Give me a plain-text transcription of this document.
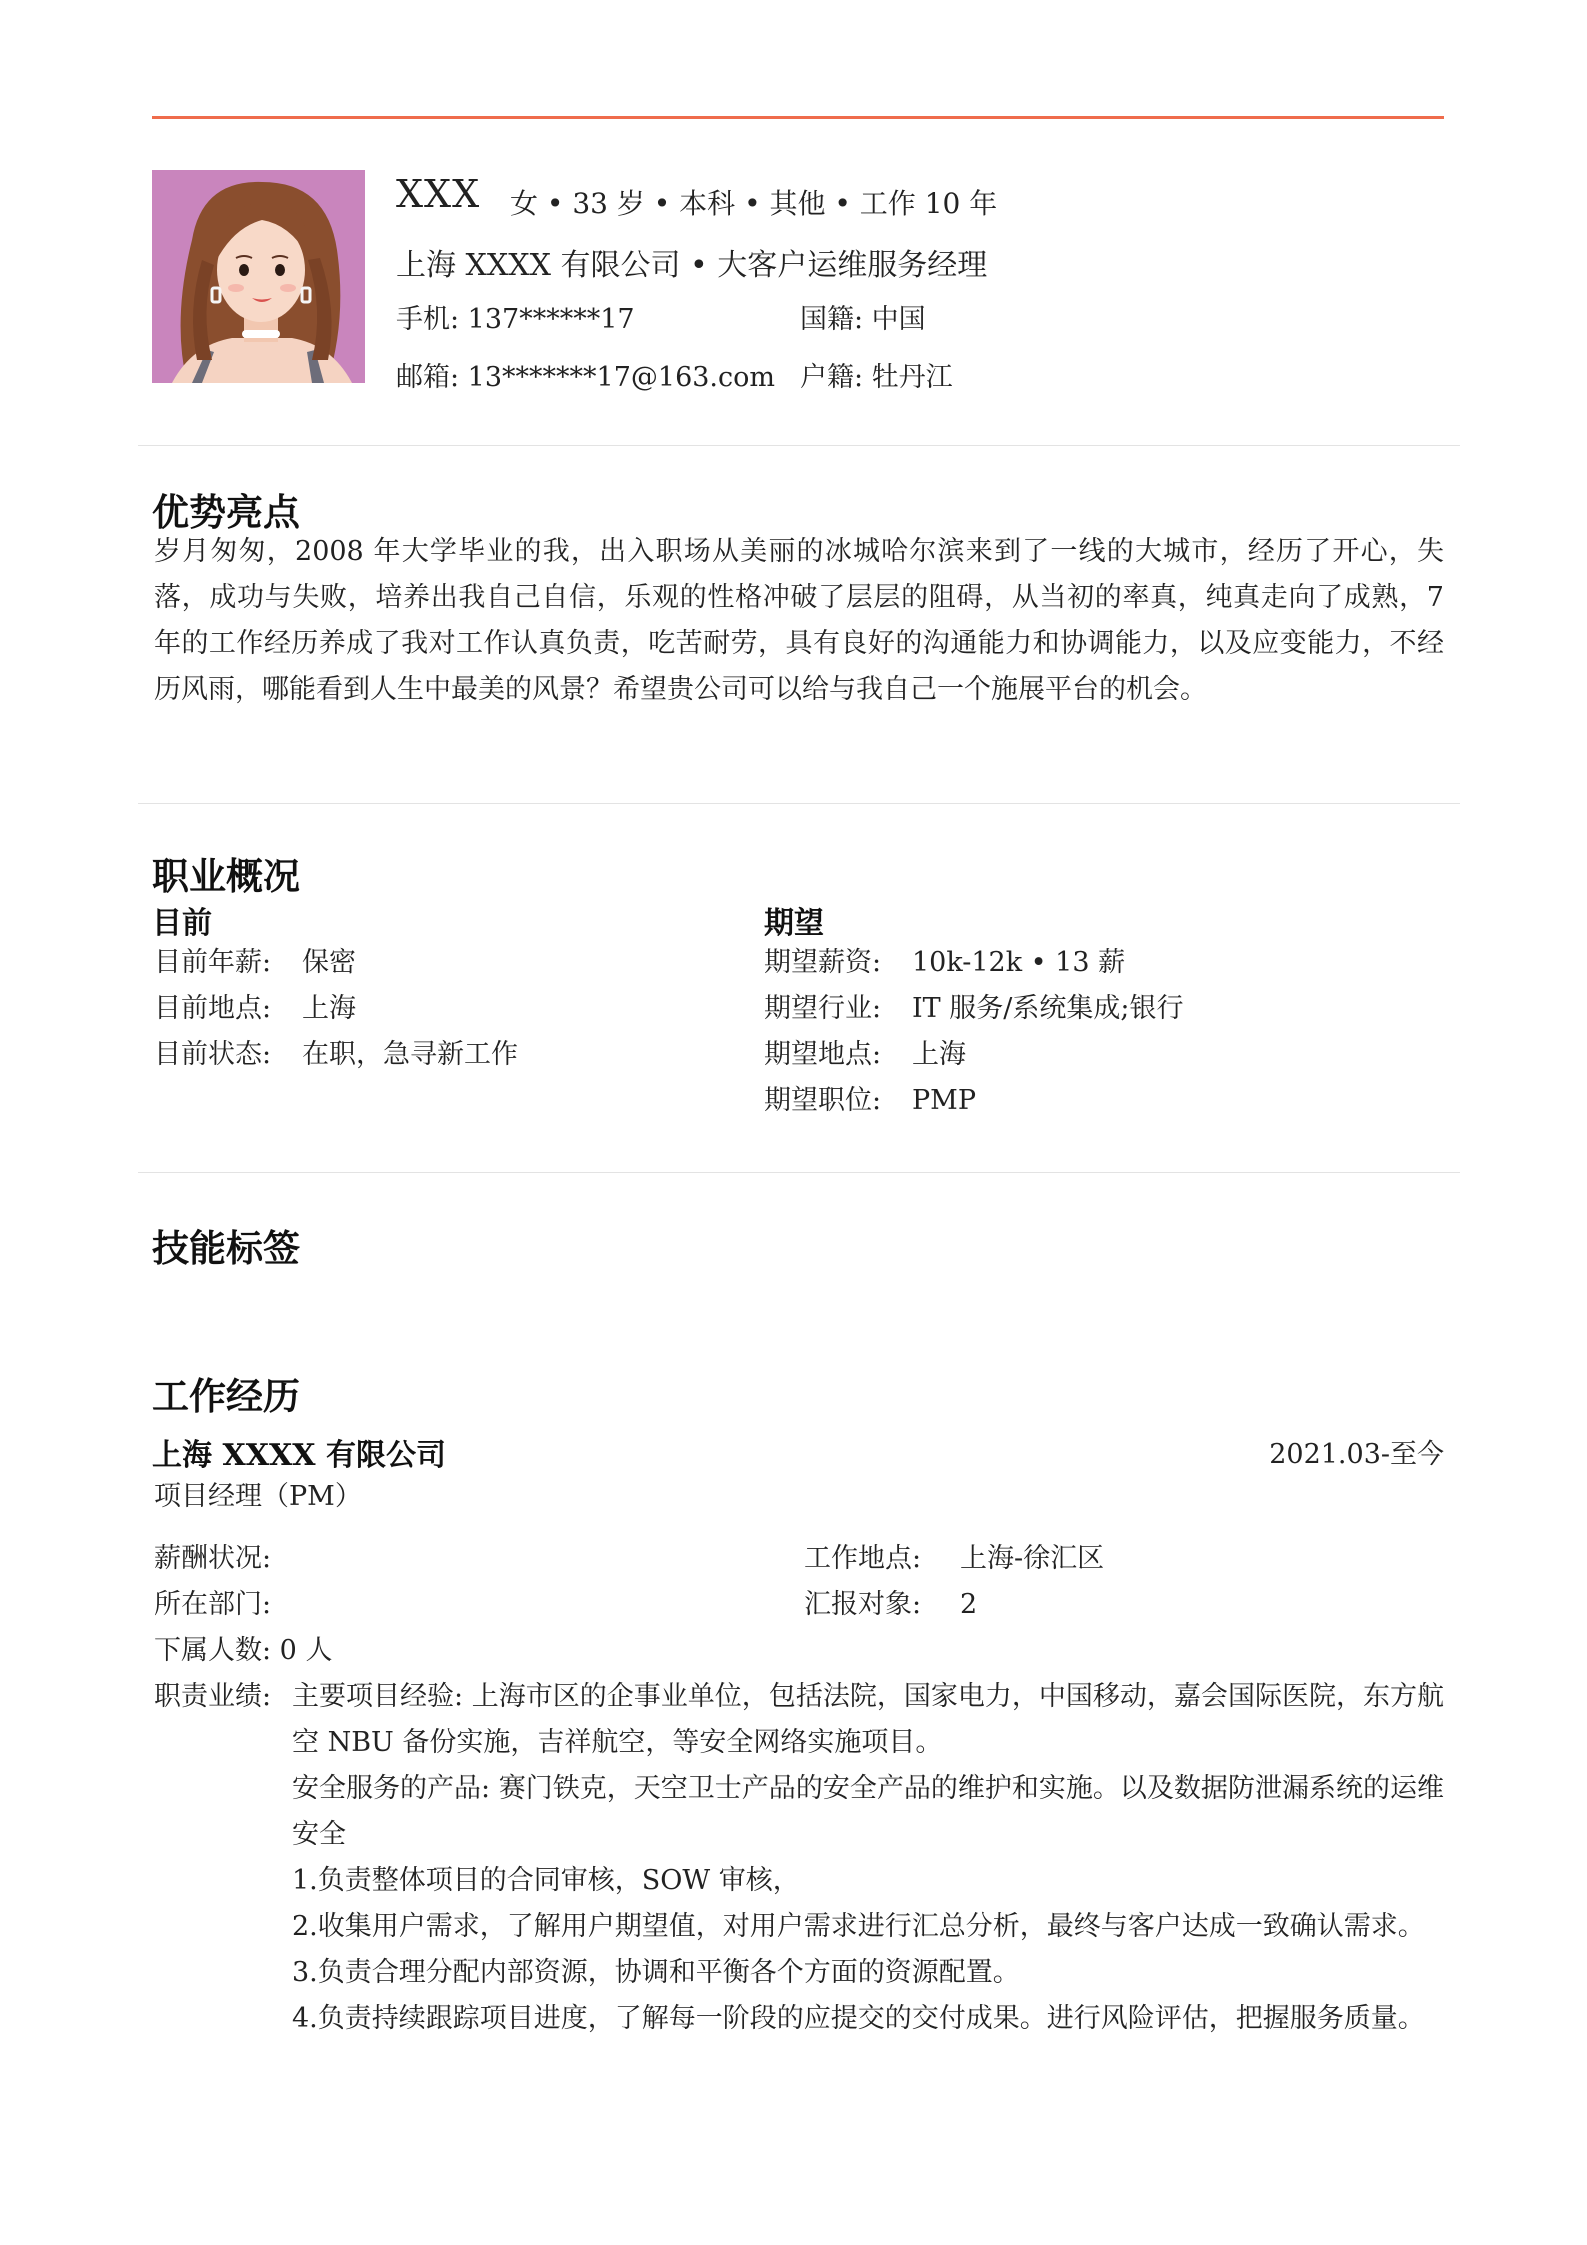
XXX 女 • 33 岁 • 本科 • 其他 • 工作 10 年
上海 XXXX 有限公司 • 大客户运维服务经理
手机: 137******17	国籍: 中国
邮箱: 13*******17@163.com 户籍: 牡丹江
优势亮点
岁月匆匆，2008 年大学毕业的我，出入职场从美丽的冰城哈尔滨来到了一线的大城市，经历了开心，失落，成功与失败，培养出我自己自信，乐观的性格冲破了层层的阻碍，从当初的率真，纯真走向了成熟，7 年的工作经历养成了我对工作认真负责，吃苦耐劳，具有良好的沟通能力和协调能力，以及应变能力，不经历风雨，哪能看到人生中最美的风景？希望贵公司可以给与我自己一个施展平台的机会。
职业概况
目前	期望
目前年薪: 保密
目前地点: 上海
目前状态: 在职，急寻新工作
期望薪资: 10k-12k • 13 薪
期望行业: IT 服务/系统集成;银行
期望地点: 上海
期望职位: PMP
技能标签
工作经历
上海 XXXX 有限公司	2021.03-至今
项目经理（PM）
薪酬状况:	工作地点: 上海-徐汇区
所在部门:	汇报对象: 2
下属人数: 0 人
职责业绩: 主要项目经验: 上海市区的企事业单位，包括法院，国家电力，中国移动，嘉会国际医院，东方航空 NBU 备份实施，吉祥航空，等安全网络实施项目。
安全服务的产品: 赛门铁克，天空卫士产品的安全产品的维护和实施。以及数据防泄漏系统的运维安全
1.负责整体项目的合同审核，SOW 审核，
2.收集用户需求，了解用户期望值，对用户需求进行汇总分析，最终与客户达成一致确认需求。
3.负责合理分配内部资源，协调和平衡各个方面的资源配置。
4.负责持续跟踪项目进度，了解每一阶段的应提交的交付成果。进行风险评估，把握服务质量。
